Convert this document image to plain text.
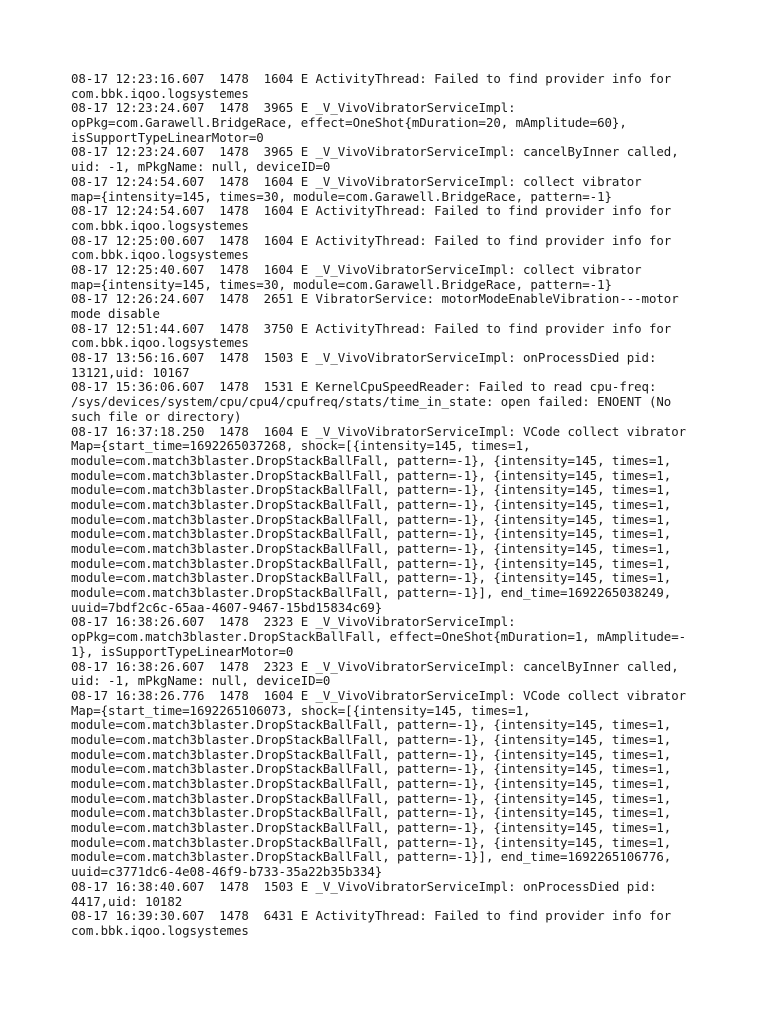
08-17 12:23:16.607  1478  1604 E ActivityThread: Failed to find provider info for
com.bbk.iqoo.logsystemes
08-17 12:23:24.607  1478  3965 E _V_VivoVibratorServiceImpl:
opPkg=com.Garawell.BridgeRace, effect=OneShot{mDuration=20, mAmplitude=60},
isSupportTypeLinearMotor=0
08-17 12:23:24.607  1478  3965 E _V_VivoVibratorServiceImpl: cancelByInner called,
uid: -1, mPkgName: null, deviceID=0
08-17 12:24:54.607  1478  1604 E _V_VivoVibratorServiceImpl: collect vibrator
map={intensity=145, times=30, module=com.Garawell.BridgeRace, pattern=-1}
08-17 12:24:54.607  1478  1604 E ActivityThread: Failed to find provider info for
com.bbk.iqoo.logsystemes
08-17 12:25:00.607  1478  1604 E ActivityThread: Failed to find provider info for
com.bbk.iqoo.logsystemes
08-17 12:25:40.607  1478  1604 E _V_VivoVibratorServiceImpl: collect vibrator
map={intensity=145, times=30, module=com.Garawell.BridgeRace, pattern=-1}
08-17 12:26:24.607  1478  2651 E VibratorService: motorModeEnableVibration---motor
mode disable
08-17 12:51:44.607  1478  3750 E ActivityThread: Failed to find provider info for
com.bbk.iqoo.logsystemes
08-17 13:56:16.607  1478  1503 E _V_VivoVibratorServiceImpl: onProcessDied pid:
13121,uid: 10167
08-17 15:36:06.607  1478  1531 E KernelCpuSpeedReader: Failed to read cpu-freq:
/sys/devices/system/cpu/cpu4/cpufreq/stats/time_in_state: open failed: ENOENT (No
such file or directory)
08-17 16:37:18.250  1478  1604 E _V_VivoVibratorServiceImpl: VCode collect vibrator
Map={start_time=1692265037268, shock=[{intensity=145, times=1,
module=com.match3blaster.DropStackBallFall, pattern=-1}, {intensity=145, times=1,
module=com.match3blaster.DropStackBallFall, pattern=-1}, {intensity=145, times=1,
module=com.match3blaster.DropStackBallFall, pattern=-1}, {intensity=145, times=1,
module=com.match3blaster.DropStackBallFall, pattern=-1}, {intensity=145, times=1,
module=com.match3blaster.DropStackBallFall, pattern=-1}, {intensity=145, times=1,
module=com.match3blaster.DropStackBallFall, pattern=-1}, {intensity=145, times=1,
module=com.match3blaster.DropStackBallFall, pattern=-1}, {intensity=145, times=1,
module=com.match3blaster.DropStackBallFall, pattern=-1}, {intensity=145, times=1,
module=com.match3blaster.DropStackBallFall, pattern=-1}, {intensity=145, times=1,
module=com.match3blaster.DropStackBallFall, pattern=-1}], end_time=1692265038249,
uuid=7bdf2c6c-65aa-4607-9467-15bd15834c69}
08-17 16:38:26.607  1478  2323 E _V_VivoVibratorServiceImpl:
opPkg=com.match3blaster.DropStackBallFall, effect=OneShot{mDuration=1, mAmplitude=-
1}, isSupportTypeLinearMotor=0
08-17 16:38:26.607  1478  2323 E _V_VivoVibratorServiceImpl: cancelByInner called,
uid: -1, mPkgName: null, deviceID=0
08-17 16:38:26.776  1478  1604 E _V_VivoVibratorServiceImpl: VCode collect vibrator
Map={start_time=1692265106073, shock=[{intensity=145, times=1,
module=com.match3blaster.DropStackBallFall, pattern=-1}, {intensity=145, times=1,
module=com.match3blaster.DropStackBallFall, pattern=-1}, {intensity=145, times=1,
module=com.match3blaster.DropStackBallFall, pattern=-1}, {intensity=145, times=1,
module=com.match3blaster.DropStackBallFall, pattern=-1}, {intensity=145, times=1,
module=com.match3blaster.DropStackBallFall, pattern=-1}, {intensity=145, times=1,
module=com.match3blaster.DropStackBallFall, pattern=-1}, {intensity=145, times=1,
module=com.match3blaster.DropStackBallFall, pattern=-1}, {intensity=145, times=1,
module=com.match3blaster.DropStackBallFall, pattern=-1}, {intensity=145, times=1,
module=com.match3blaster.DropStackBallFall, pattern=-1}, {intensity=145, times=1,
module=com.match3blaster.DropStackBallFall, pattern=-1}], end_time=1692265106776,
uuid=c3771dc6-4e08-46f9-b733-35a22b35b334}
08-17 16:38:40.607  1478  1503 E _V_VivoVibratorServiceImpl: onProcessDied pid:
4417,uid: 10182
08-17 16:39:30.607  1478  6431 E ActivityThread: Failed to find provider info for
com.bbk.iqoo.logsystemes
